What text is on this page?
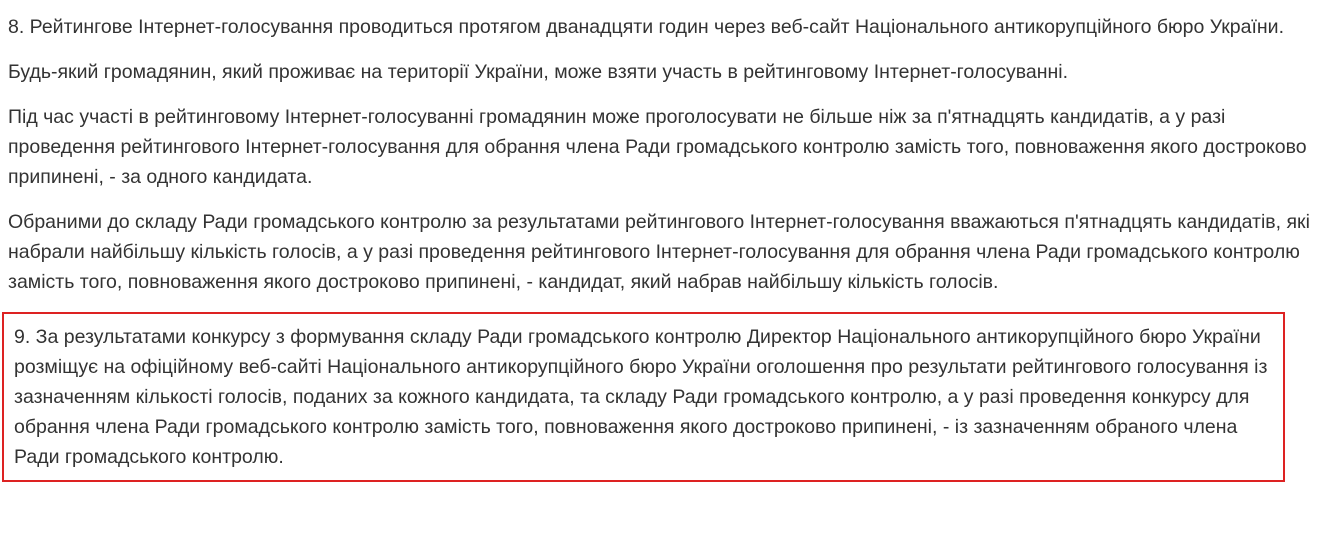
8. Рейтингове Інтернет-голосування проводиться протягом дванадцяти годин через веб-сайт Національного антикорупційного бюро України.

Будь-який громадянин, який проживає на території України, може взяти участь в рейтинговому Інтернет-голосуванні.

Під час участі в рейтинговому Інтернет-голосуванні громадянин може проголосувати не більше ніж за п'ятнадцять кандидатів, а у разі проведення рейтингового Інтернет-голосування для обрання члена Ради громадського контролю замість того, повноваження якого достроково припинені, - за одного кандидата.

Обраними до складу Ради громадського контролю за результатами рейтингового Інтернет-голосування вважаються п'ятнадцять кандидатів, які набрали найбільшу кількість голосів, а у разі проведення рейтингового Інтернет-голосування для обрання члена Ради громадського контролю замість того, повноваження якого достроково припинені, - кандидат, який набрав найбільшу кількість голосів.

9. За результатами конкурсу з формування складу Ради громадського контролю Директор Національного антикорупційного бюро України розміщує на офіційному веб-сайті Національного антикорупційного бюро України оголошення про результати рейтингового голосування із зазначенням кількості голосів, поданих за кожного кандидата, та складу Ради громадського контролю, а у разі проведення конкурсу для обрання члена Ради громадського контролю замість того, повноваження якого достроково припинені, - із зазначенням обраного члена Ради громадського контролю.
